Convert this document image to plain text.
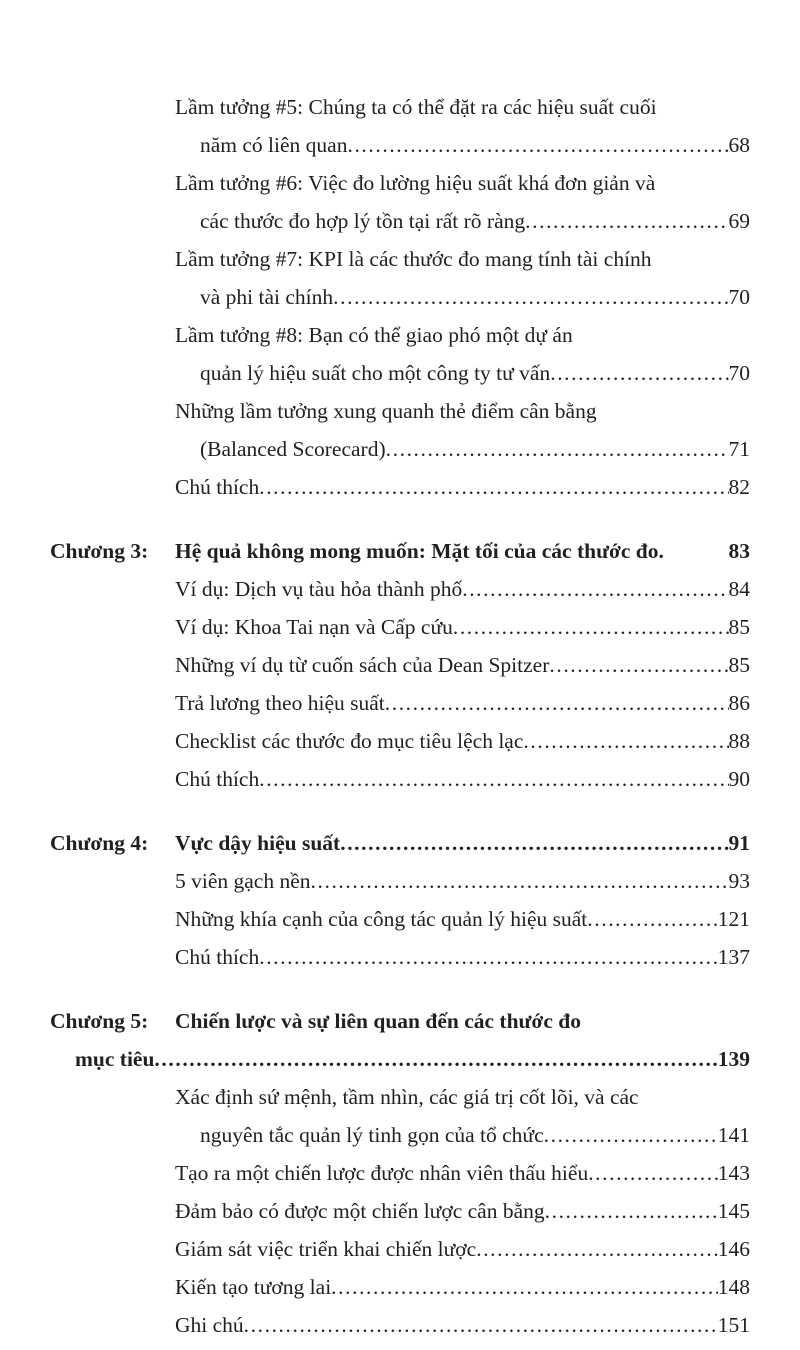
Lầm tưởng #5: Chúng ta có thể đặt ra các hiệu suất cuối
năm có liên quan .....	68
Lầm tưởng #6: Việc đo lường hiệu suất khá đơn giản và
các thước đo hợp lý tồn tại rất rõ ràng .....	69
Lầm tưởng #7: KPI là các thước đo mang tính tài chính
và phi tài chính .....	70
Lầm tưởng #8: Bạn có thể giao phó một dự án
quản lý hiệu suất cho một công ty tư vấn .....	70
Những lầm tưởng xung quanh thẻ điểm cân bằng
(Balanced Scorecard) .....	71
Chú thích .....	82
Chương 3:	Hệ quả không mong muốn: Mặt tối của các thước đo.	83
Ví dụ: Dịch vụ tàu hỏa thành phố .....	84
Ví dụ: Khoa Tai nạn và Cấp cứu .....	85
Những ví dụ từ cuốn sách của Dean Spitzer .....	85
Trả lương theo hiệu suất .....	86
Checklist các thước đo mục tiêu lệch lạc .....	88
Chú thích .....	90
Chương 4:	Vực dậy hiệu suất .....	91
5 viên gạch nền .....	93
Những khía cạnh của công tác quản lý hiệu suất .....	121
Chú thích .....	137
Chương 5:	Chiến lược và sự liên quan đến các thước đo
mục tiêu .....	139
Xác định sứ mệnh, tầm nhìn, các giá trị cốt lõi, và các
nguyên tắc quản lý tinh gọn của tổ chức .....	141
Tạo ra một chiến lược được nhân viên thấu hiểu .....	143
Đảm bảo có được một chiến lược cân bằng .....	145
Giám sát việc triển khai chiến lược .....	146
Kiến tạo tương lai .....	148
Ghi chú .....	151
